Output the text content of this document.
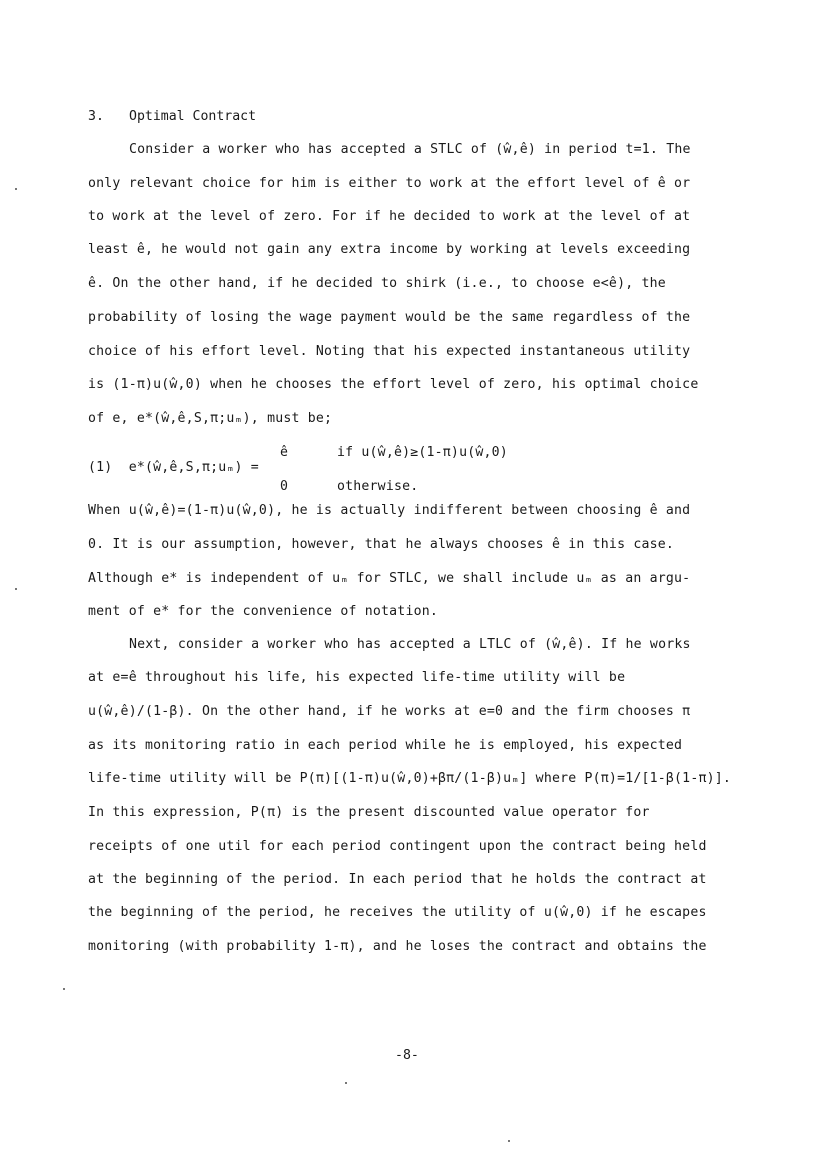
3. Optimal Contract
Consider a worker who has accepted a STLC of (ŵ,ê) in period t=1. The
only relevant choice for him is either to work at the effort level of ê or
to work at the level of zero. For if he decided to work at the level of at
least ê, he would not gain any extra income by working at levels exceeding
ê. On the other hand, if he decided to shirk (i.e., to choose e<ê), the
probability of losing the wage payment would be the same regardless of the
choice of his effort level. Noting that his expected instantaneous utility
is (1-π)u(ŵ,0) when he chooses the effort level of zero, his optimal choice
of e, e*(ŵ,ê,S,π;uₘ), must be;
(1)  e*(ŵ,ê,S,π;uₘ) =
ê      if u(ŵ,ê)≥(1-π)u(ŵ,0)
0      otherwise.
When u(ŵ,ê)=(1-π)u(ŵ,0), he is actually indifferent between choosing ê and
0. It is our assumption, however, that he always chooses ê in this case.
Although e* is independent of uₘ for STLC, we shall include uₘ as an argu-
ment of e* for the convenience of notation.
Next, consider a worker who has accepted a LTLC of (ŵ,ê). If he works
at e=ê throughout his life, his expected life-time utility will be
u(ŵ,ê)/(1-β). On the other hand, if he works at e=0 and the firm chooses π
as its monitoring ratio in each period while he is employed, his expected
life-time utility will be P(π)[(1-π)u(ŵ,0)+βπ/(1-β)uₘ] where P(π)=1/[1-β(1-π)].
In this expression, P(π) is the present discounted value operator for
receipts of one util for each period contingent upon the contract being held
at the beginning of the period. In each period that he holds the contract at
the beginning of the period, he receives the utility of u(ŵ,0) if he escapes
monitoring (with probability 1-π), and he loses the contract and obtains the
-8-
